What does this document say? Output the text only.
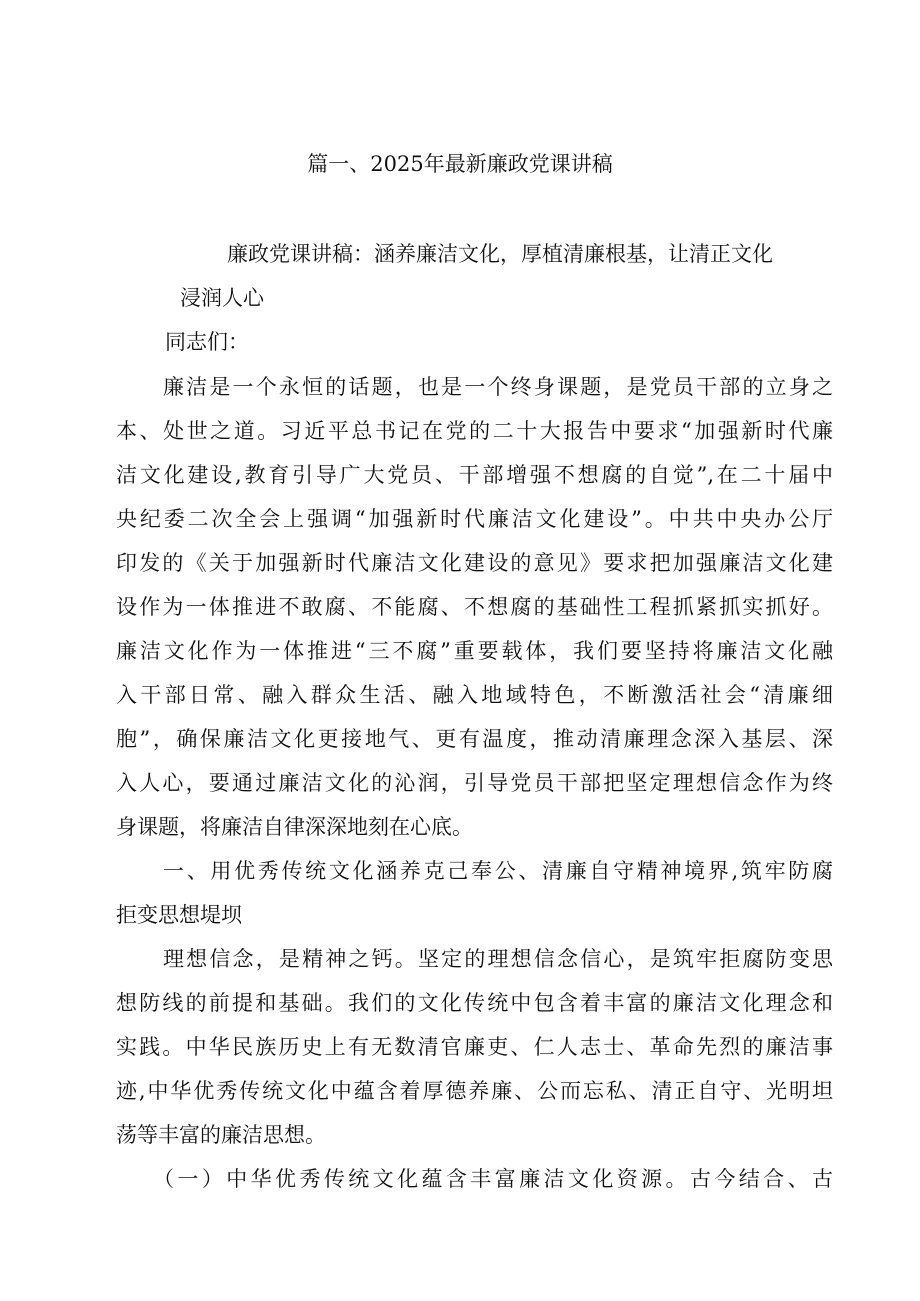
篇一、2025年最新廉政党课讲稿

廉政党课讲稿：涵养廉洁文化，厚植清廉根基，让清正文化

浸润人心

同志们：

廉洁是一个永恒的话题，也是一个终身课题，是党员干部的立身之

本、处世之道。习近平总书记在党的二十大报告中要求“加强新时代廉

洁文化建设,教育引导广大党员、干部增强不想腐的自觉”,在二十届中

央纪委二次全会上强调“加强新时代廉洁文化建设”。中共中央办公厅

印发的《关于加强新时代廉洁文化建设的意见》要求把加强廉洁文化建

设作为一体推进不敢腐、不能腐、不想腐的基础性工程抓紧抓实抓好。

廉洁文化作为一体推进“三不腐”重要载体，我们要坚持将廉洁文化融

入干部日常、融入群众生活、融入地域特色，不断激活社会“清廉细

胞”，确保廉洁文化更接地气、更有温度，推动清廉理念深入基层、深

入人心，要通过廉洁文化的沁润，引导党员干部把坚定理想信念作为终

身课题，将廉洁自律深深地刻在心底。

一、用优秀传统文化涵养克己奉公、清廉自守精神境界,筑牢防腐

拒变思想堤坝

理想信念，是精神之钙。坚定的理想信念信心，是筑牢拒腐防变思

想防线的前提和基础。我们的文化传统中包含着丰富的廉洁文化理念和

实践。中华民族历史上有无数清官廉吏、仁人志士、革命先烈的廉洁事

迹,中华优秀传统文化中蕴含着厚德养廉、公而忘私、清正自守、光明坦

荡等丰富的廉洁思想。

（一）中华优秀传统文化蕴含丰富廉洁文化资源。古今结合、古
